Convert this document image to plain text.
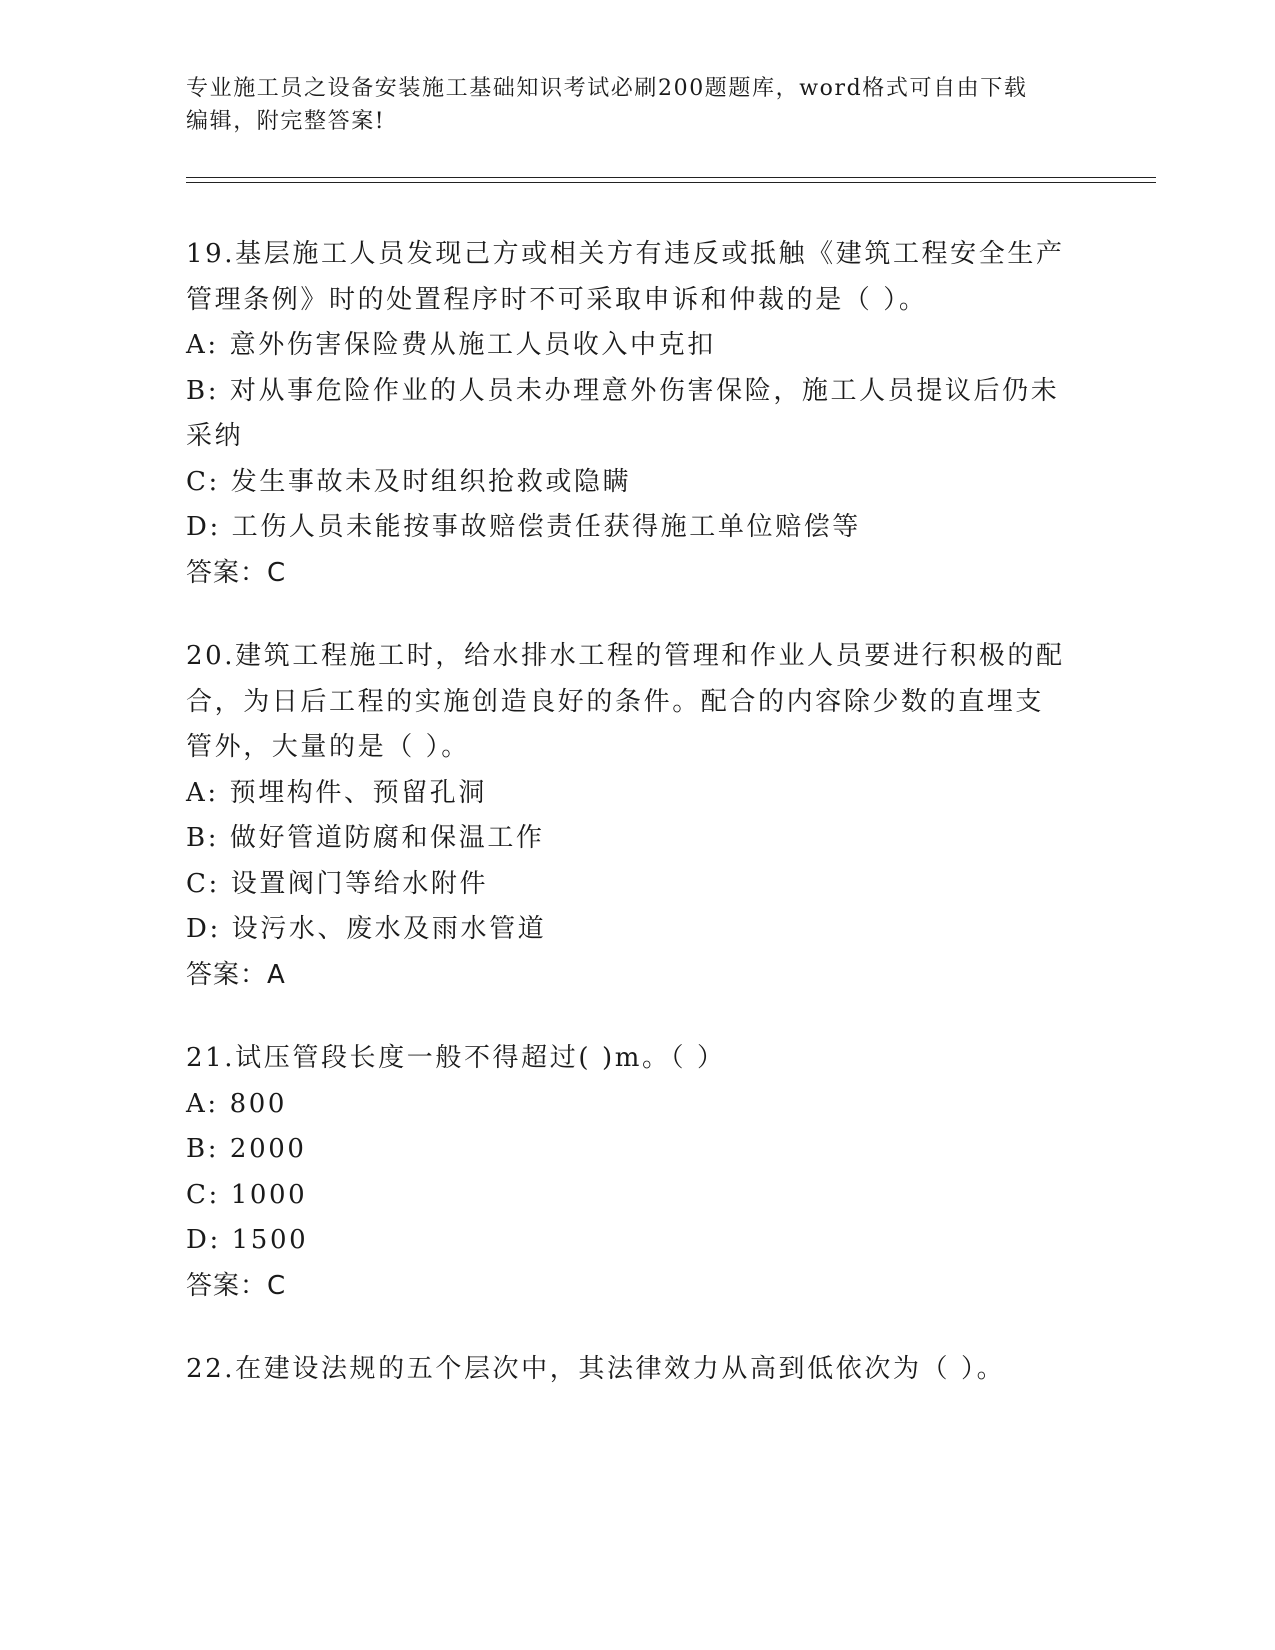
专业施工员之设备安装施工基础知识考试必刷200题题库，word格式可自由下载

编辑，附完整答案!

19.基层施工人员发现己方或相关方有违反或抵触《建筑工程安全生产
管理条例》时的处置程序时不可采取申诉和仲裁的是（ ）。
A: 意外伤害保险费从施工人员收入中克扣
B: 对从事危险作业的人员未办理意外伤害保险，施工人员提议后仍未
采纳
C: 发生事故未及时组织抢救或隐瞒
D: 工伤人员未能按事故赔偿责任获得施工单位赔偿等
答案：C
20.建筑工程施工时，给水排水工程的管理和作业人员要进行积极的配
合，为日后工程的实施创造良好的条件。配合的内容除少数的直埋支
管外，大量的是（ ）。
A: 预埋构件、预留孔洞
B: 做好管道防腐和保温工作
C: 设置阀门等给水附件
D: 设污水、废水及雨水管道
答案：A
21.试压管段长度一般不得超过( )m。（ ）
A: 800
B: 2000
C: 1000
D: 1500
答案：C
22.在建设法规的五个层次中，其法律效力从高到低依次为（ ）。
